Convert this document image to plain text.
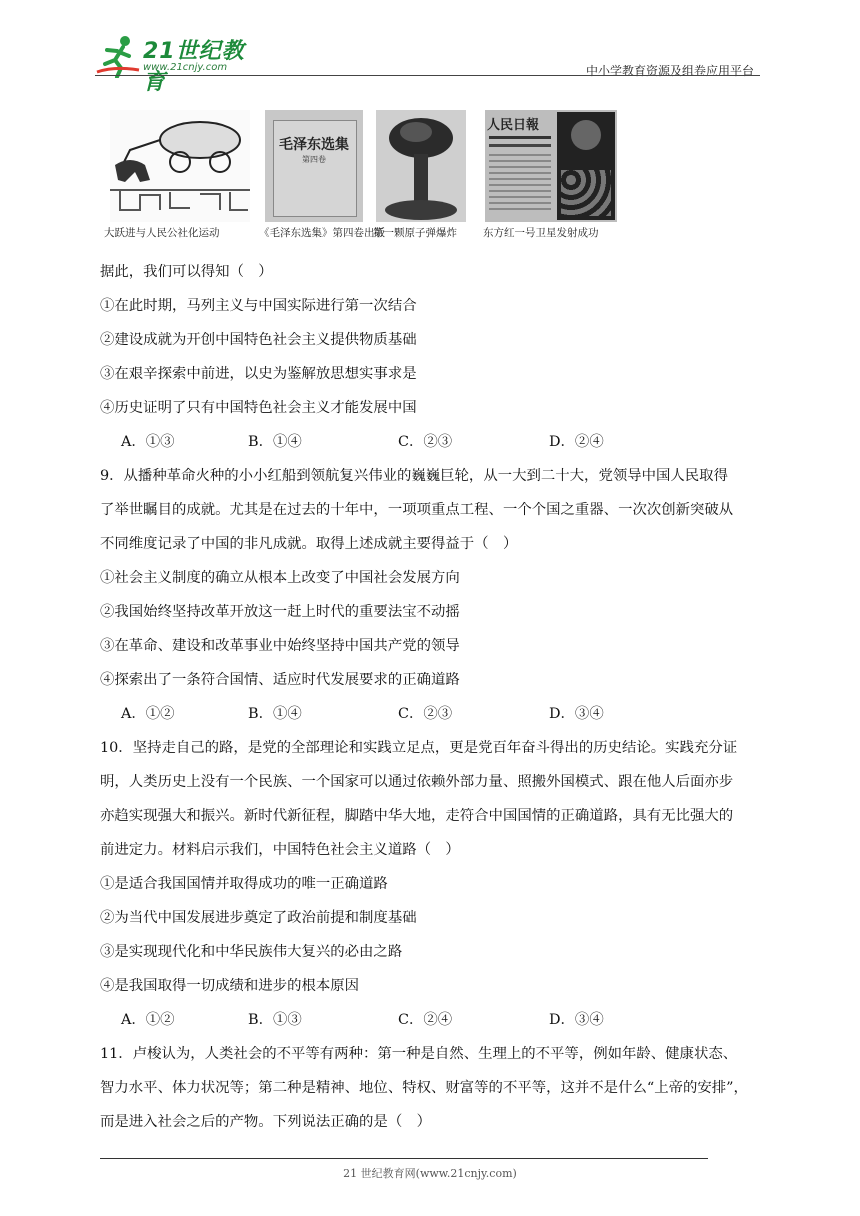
21世纪教育
www.21cnjy.com	中小学教育资源及组卷应用平台
大跃进与人民公社化运动
毛泽东选集
第四卷
《毛泽东选集》第四卷出版
第一颗原子弹爆炸
人民日報
东方红一号卫星发射成功
据此，我们可以得知（　）
①在此时期，马列主义与中国实际进行第一次结合
②建设成就为开创中国特色社会主义提供物质基础
③在艰辛探索中前进，以史为鉴解放思想实事求是
④历史证明了只有中国特色社会主义才能发展中国
A．①③	B．①④	C．②③	D．②④
9．从播种革命火种的小小红船到领航复兴伟业的巍巍巨轮，从一大到二十大，党领导中国人民取得
了举世瞩目的成就。尤其是在过去的十年中，一项项重点工程、一个个国之重器、一次次创新突破从
不同维度记录了中国的非凡成就。取得上述成就主要得益于（　）
①社会主义制度的确立从根本上改变了中国社会发展方向
②我国始终坚持改革开放这一赶上时代的重要法宝不动摇
③在革命、建设和改革事业中始终坚持中国共产党的领导
④探索出了一条符合国情、适应时代发展要求的正确道路
A．①②	B．①④	C．②③	D．③④
10．坚持走自己的路，是党的全部理论和实践立足点，更是党百年奋斗得出的历史结论。实践充分证
明，人类历史上没有一个民族、一个国家可以通过依赖外部力量、照搬外国模式、跟在他人后面亦步
亦趋实现强大和振兴。新时代新征程，脚踏中华大地，走符合中国国情的正确道路，具有无比强大的
前进定力。材料启示我们，中国特色社会主义道路（　）
①是适合我国国情并取得成功的唯一正确道路
②为当代中国发展进步奠定了政治前提和制度基础
③是实现现代化和中华民族伟大复兴的必由之路
④是我国取得一切成绩和进步的根本原因
A．①②	B．①③	C．②④	D．③④
11．卢梭认为，人类社会的不平等有两种：第一种是自然、生理上的不平等，例如年龄、健康状态、
智力水平、体力状况等；第二种是精神、地位、特权、财富等的不平等，这并不是什么“上帝的安排”，
而是进入社会之后的产物。下列说法正确的是（　）
21 世纪教育网(www.21cnjy.com)
